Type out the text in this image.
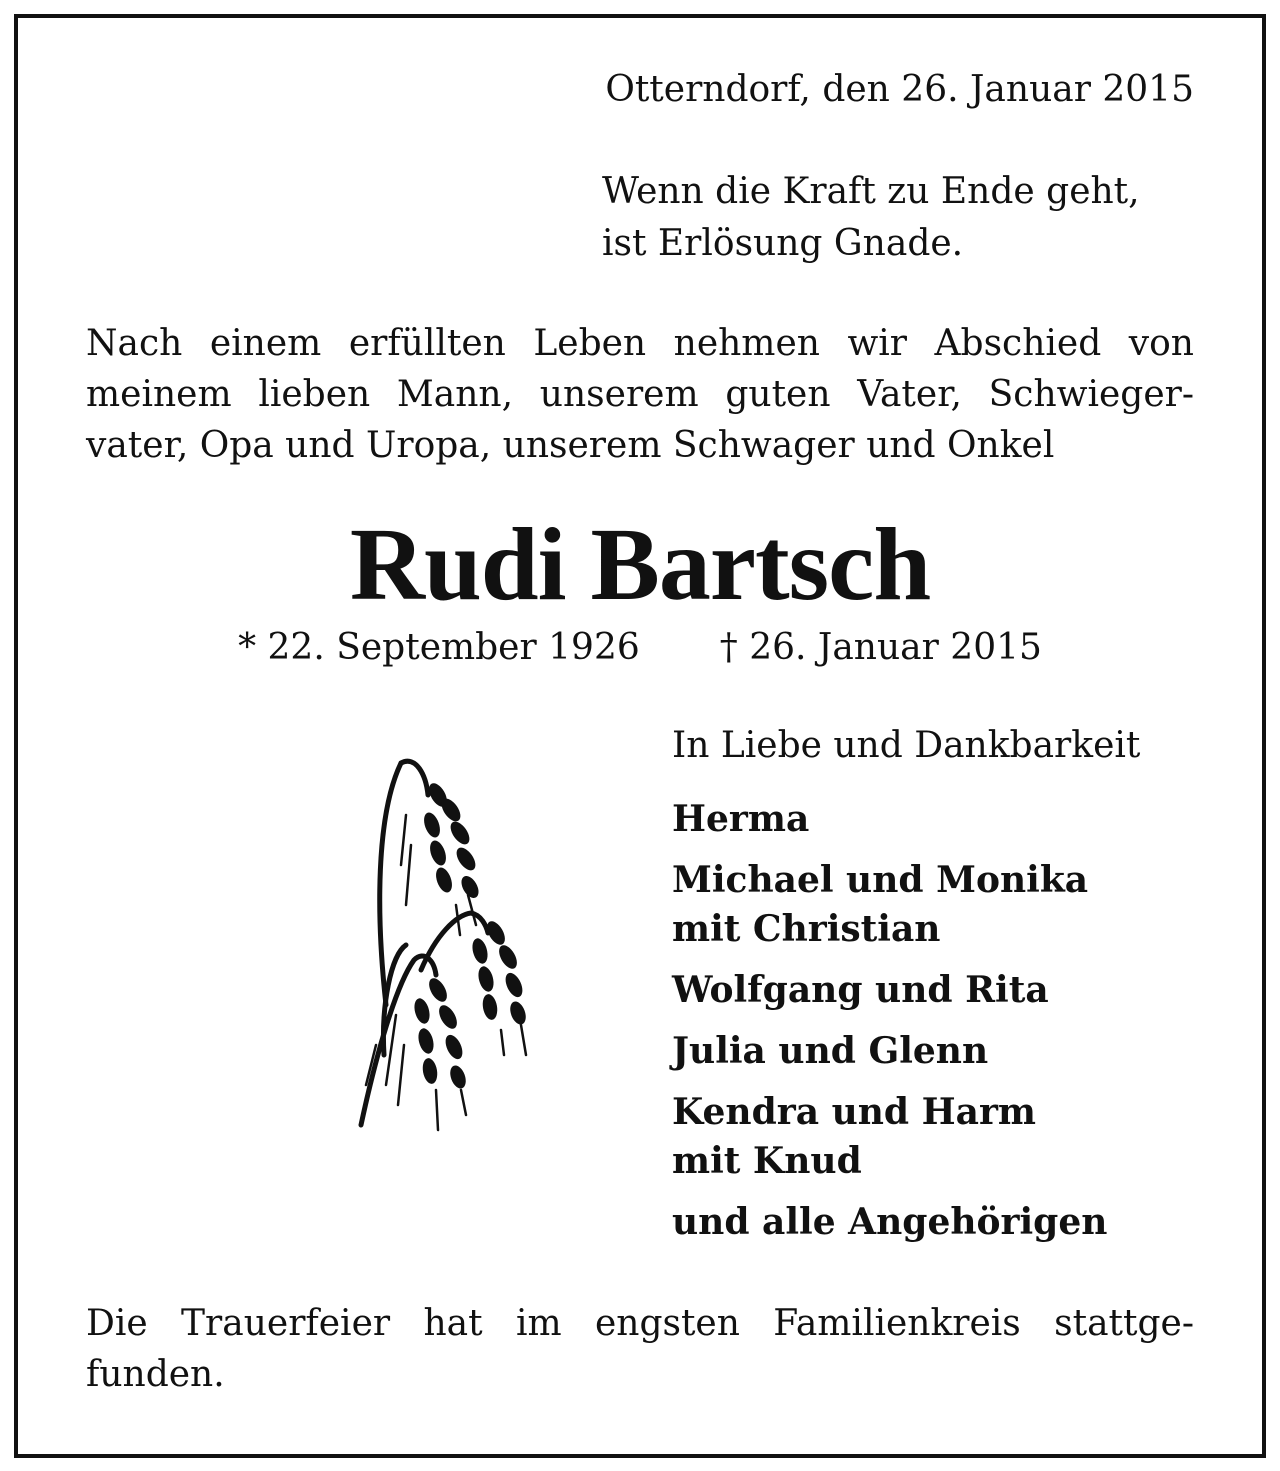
Otterndorf, den 26. Januar 2015
Wenn die Kraft zu Ende geht,
ist Erlösung Gnade.
Nach einem erfüllten Leben nehmen wir Abschied von
meinem lieben Mann, unserem guten Vater, Schwieger-
vater, Opa und Uropa, unserem Schwager und Onkel
Rudi Bartsch
* 22. September 1926 † 26. Januar 2015
In Liebe und Dankbarkeit
Herma
Michael und Monika
mit Christian
Wolfgang und Rita
Julia und Glenn
Kendra und Harm
mit Knud
und alle Angehörigen
Die Trauerfeier hat im engsten Familienkreis stattge-
funden.
